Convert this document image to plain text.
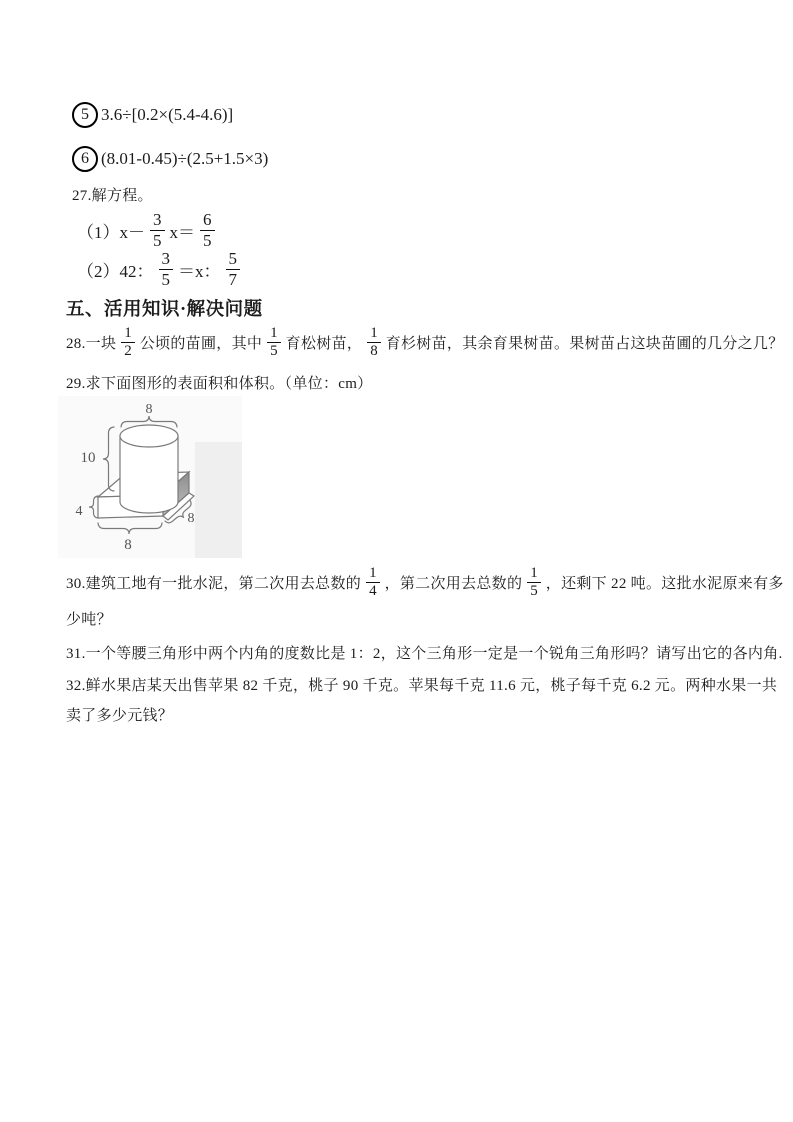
5 3.6÷[0.2×(5.4-4.6)]
6 (8.01-0.45)÷(2.5+1.5×3)
27.解方程。
$(1)x- \frac{3}{5} x= \frac{6}{5}$
（2）42： $\frac{3}{5} =x$： $\frac{5}{7}$
五、活用知识·解决问题
28.一块 $\frac{1}{2}$ 公顷的苗圃，其中 $\frac{1}{5}$ 育松树苗， $\frac{1}{8}$ 育杉树苗，其余育果树苗。果树苗占这块苗圃的几分之几？
29.求下面图形的表面积和体积。（单位：cm）
8
10
4
8
8
30.建筑工地有一批水泥，第二次用去总数的 $\frac{1}{4}$ ，第二次用去总数的 $\frac{1}{5}$ ，还剩下 22 吨。这批水泥原来有多
少吨？
31.一个等腰三角形中两个内角的度数比是 1：2，这个三角形一定是一个锐角三角形吗？请写出它的各内角.
32.鲜水果店某天出售苹果 82 千克，桃子 90 千克。苹果每千克 11.6 元，桃子每千克 6.2 元。两种水果一共
卖了多少元钱？
